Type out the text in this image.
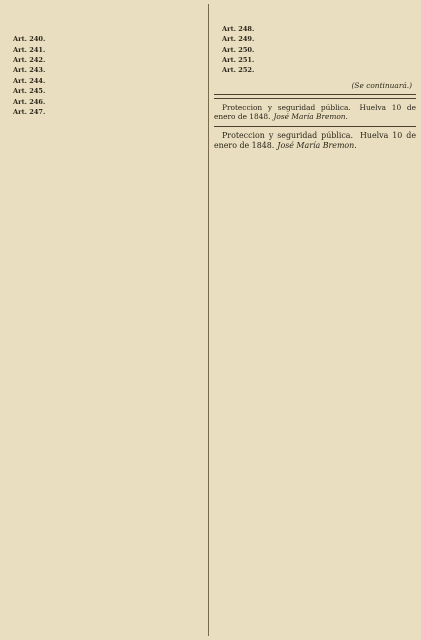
Art. 240.

Art. 241.

Art. 242.

Art. 243.

Art. 244.

Art. 245.

Art. 246.

Art. 247.

Art. 248.

Art. 249.

Art. 250.

Art. 251.

Art. 252.

(Se continuará.)

Proteccion y seguridad pública. Huelva 10 de enero de 1848. José María Bremon.

Proteccion y seguridad pública. Huelva 10 de enero de 1848. José María Bremon.
